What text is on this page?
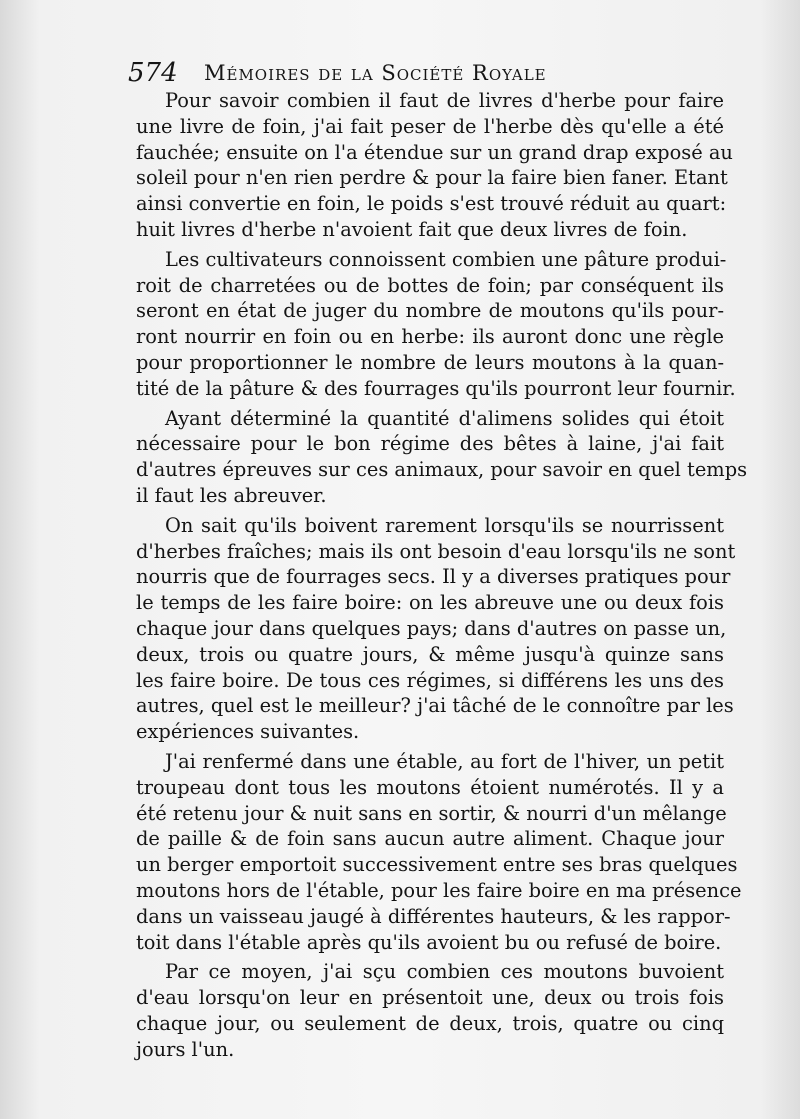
574 Mémoires de la Société Royale
Pour savoir combien il faut de livres d'herbe pour faire
une livre de foin, j'ai fait peser de l'herbe dès qu'elle a été
fauchée; ensuite on l'a étendue sur un grand drap exposé au
soleil pour n'en rien perdre & pour la faire bien faner. Etant
ainsi convertie en foin, le poids s'est trouvé réduit au quart:
huit livres d'herbe n'avoient fait que deux livres de foin.
Les cultivateurs connoissent combien une pâture produi-
roit de charretées ou de bottes de foin; par conséquent ils
seront en état de juger du nombre de moutons qu'ils pour-
ront nourrir en foin ou en herbe: ils auront donc une règle
pour proportionner le nombre de leurs moutons à la quan-
tité de la pâture & des fourrages qu'ils pourront leur fournir.
Ayant déterminé la quantité d'alimens solides qui étoit
nécessaire pour le bon régime des bêtes à laine, j'ai fait
d'autres épreuves sur ces animaux, pour savoir en quel temps
il faut les abreuver.
On sait qu'ils boivent rarement lorsqu'ils se nourrissent
d'herbes fraîches; mais ils ont besoin d'eau lorsqu'ils ne sont
nourris que de fourrages secs. Il y a diverses pratiques pour
le temps de les faire boire: on les abreuve une ou deux fois
chaque jour dans quelques pays; dans d'autres on passe un,
deux, trois ou quatre jours, & même jusqu'à quinze sans
les faire boire. De tous ces régimes, si différens les uns des
autres, quel est le meilleur? j'ai tâché de le connoître par les
expériences suivantes.
J'ai renfermé dans une étable, au fort de l'hiver, un petit
troupeau dont tous les moutons étoient numérotés. Il y a
été retenu jour & nuit sans en sortir, & nourri d'un mêlange
de paille & de foin sans aucun autre aliment. Chaque jour
un berger emportoit successivement entre ses bras quelques
moutons hors de l'étable, pour les faire boire en ma présence
dans un vaisseau jaugé à différentes hauteurs, & les rappor-
toit dans l'étable après qu'ils avoient bu ou refusé de boire.
Par ce moyen, j'ai sçu combien ces moutons buvoient
d'eau lorsqu'on leur en présentoit une, deux ou trois fois
chaque jour, ou seulement de deux, trois, quatre ou cinq
jours l'un.
